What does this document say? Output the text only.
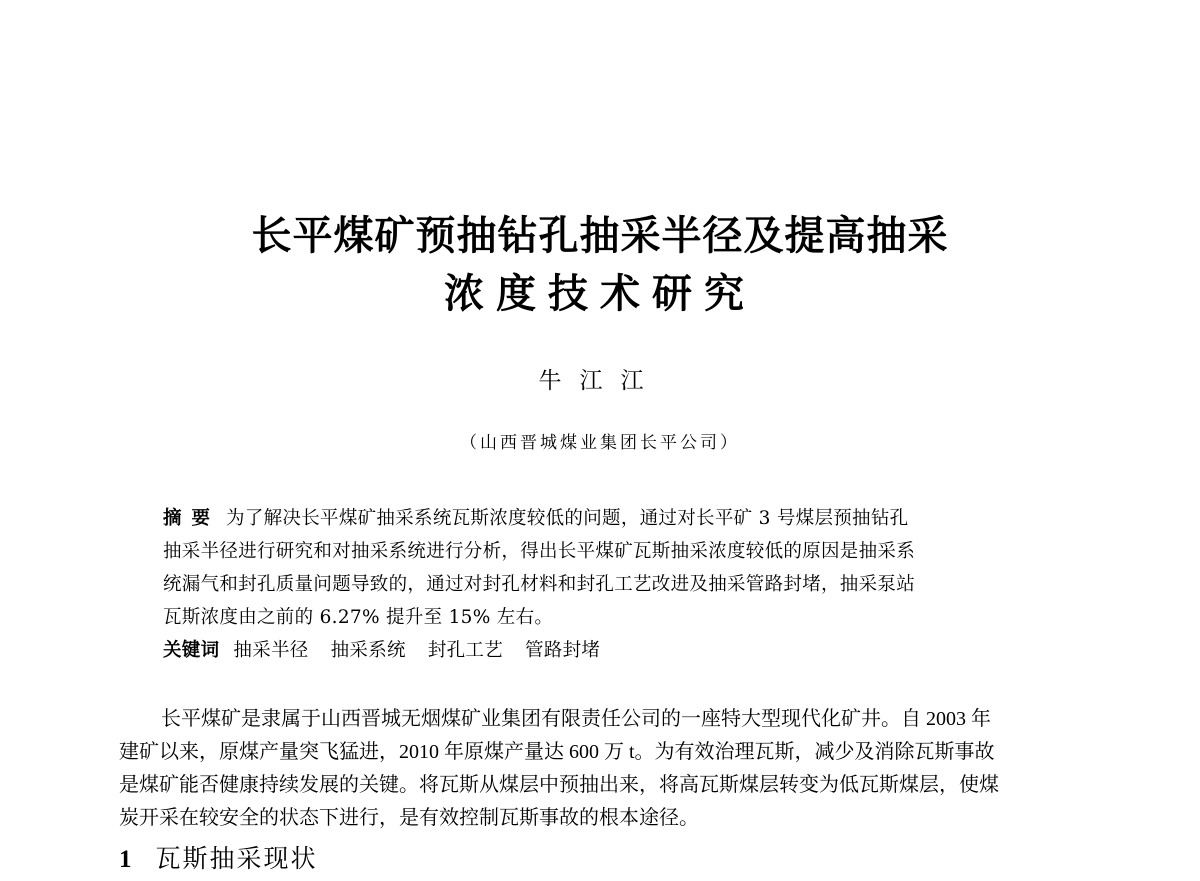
长平煤矿预抽钻孔抽采半径及提高抽采
浓度技术研究
牛江江
（山西晋城煤业集团长平公司）
摘要 为了解决长平煤矿抽采系统瓦斯浓度较低的问题，通过对长平矿 3 号煤层预抽钻孔
抽采半径进行研究和对抽采系统进行分析，得出长平煤矿瓦斯抽采浓度较低的原因是抽采系
统漏气和封孔质量问题导致的，通过对封孔材料和封孔工艺改进及抽采管路封堵，抽采泵站
瓦斯浓度由之前的 6.27% 提升至 15% 左右。
关键词 抽采半径 抽采系统 封孔工艺 管路封堵
长平煤矿是隶属于山西晋城无烟煤矿业集团有限责任公司的一座特大型现代化矿井。自 2003 年
建矿以来，原煤产量突飞猛进，2010 年原煤产量达 600 万 t。为有效治理瓦斯，减少及消除瓦斯事故
是煤矿能否健康持续发展的关键。将瓦斯从煤层中预抽出来，将高瓦斯煤层转变为低瓦斯煤层，使煤
炭开采在较安全的状态下进行，是有效控制瓦斯事故的根本途径。
1 瓦斯抽采现状
